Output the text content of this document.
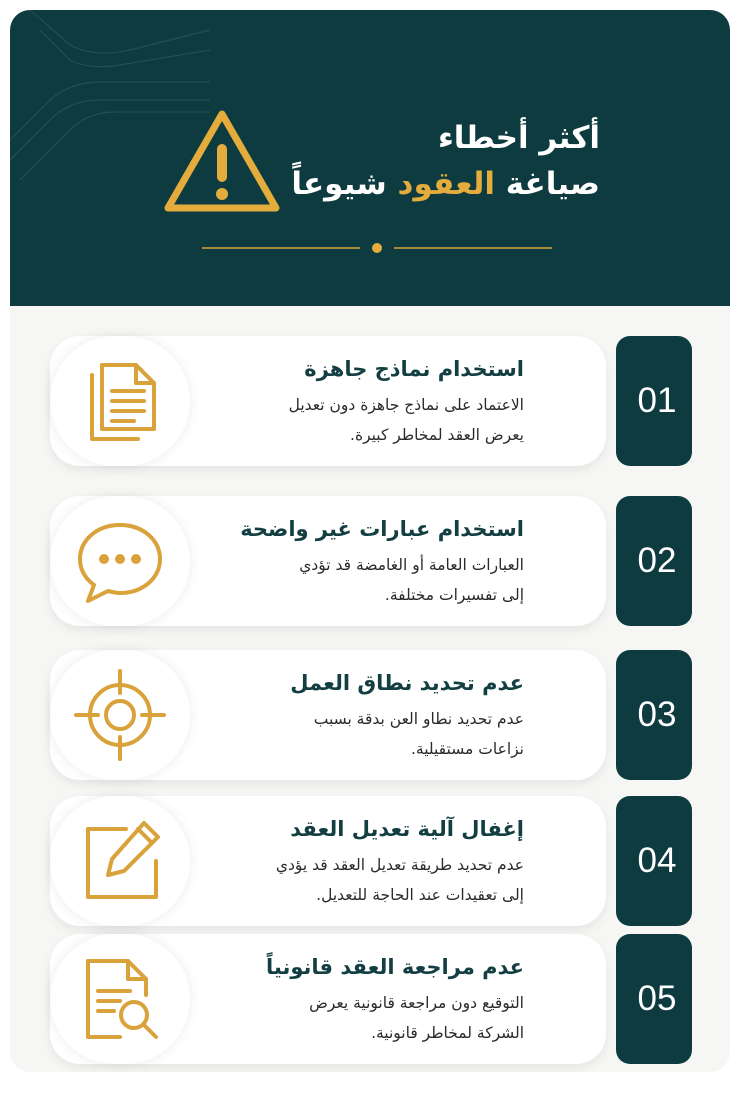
أكثر أخطاء
صياغة العقود شيوعاً
استخدام نماذج جاهزة
الاعتماد على نماذج جاهزة دون تعديل
يعرض العقد لمخاطر كبيرة.
01
استخدام عبارات غير واضحة
العبارات العامة أو الغامضة قد تؤدي
إلى تفسيرات مختلفة.
02
عدم تحديد نطاق العمل
عدم تحديد نطاو العن بدقة بسبب
نزاعات مستقيلية.
03
إغفال آلية تعديل العقد
عدم تحديد طريقة تعديل العقد قد يؤدي
إلى تعقيدات عند الحاجة للتعديل.
04
عدم مراجعة العقد قانونياً
التوقيع دون مراجعة قانونية يعرض
الشركة لمخاطر قانونية.
05
